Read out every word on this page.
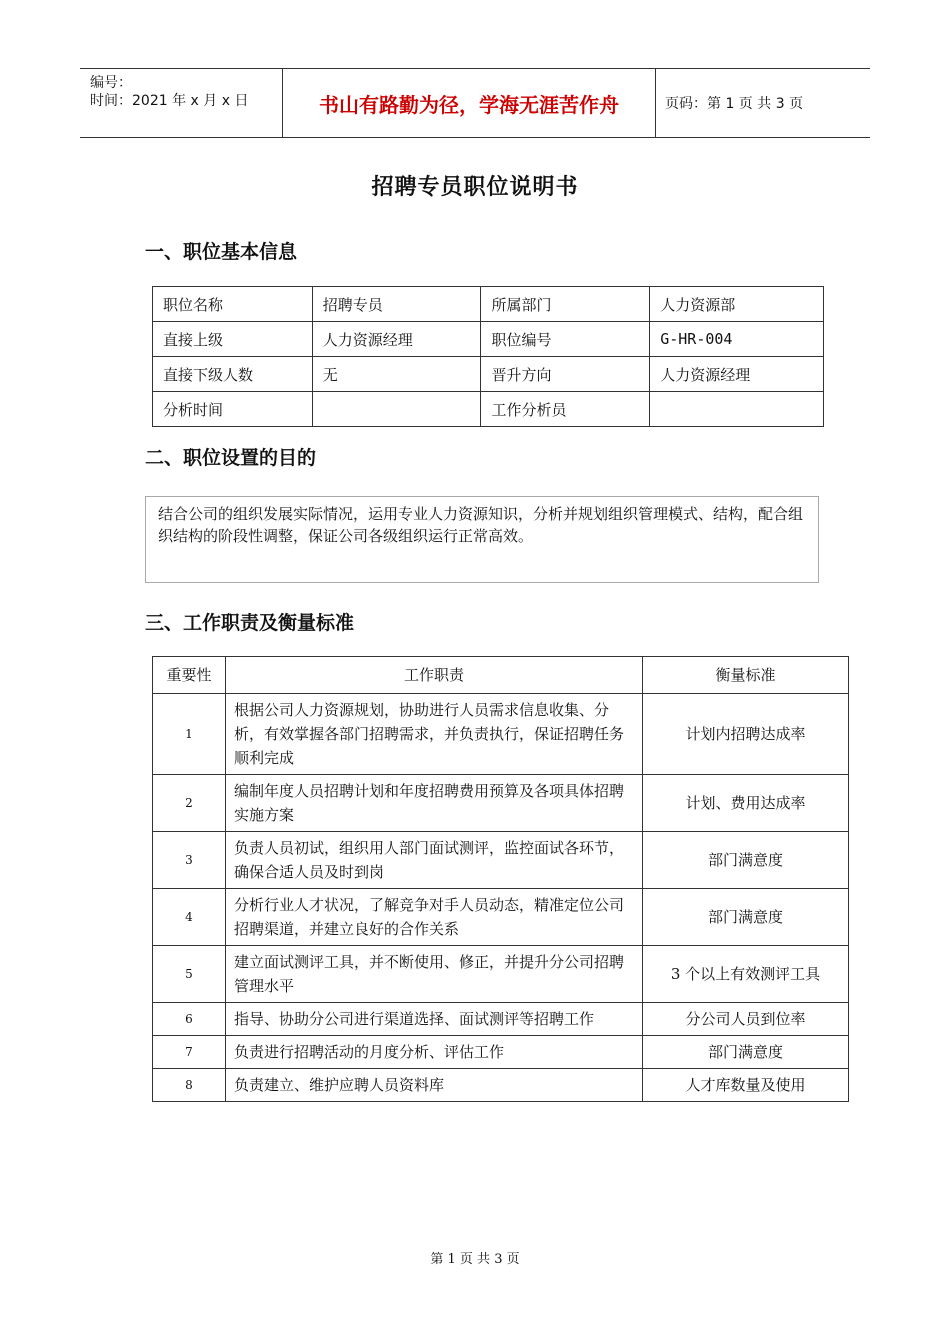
编号：
时间：2021 年 x 月 x 日	书山有路勤为径，学海无涯苦作舟	页码：第 1 页 共 3 页
招聘专员职位说明书
一、职位基本信息
职位名称	招聘专员	所属部门	人力资源部
直接上级	人力资源经理	职位编号	G-HR-004
直接下级人数	无	晋升方向	人力资源经理
分析时间		工作分析员	
二、职位设置的目的
结合公司的组织发展实际情况，运用专业人力资源知识，分析并规划组织管理模式、结构，配合组织结构的阶段性调整，保证公司各级组织运行正常高效。
三、工作职责及衡量标准
重要性	工作职责	衡量标准
1	根据公司人力资源规划，协助进行人员需求信息收集、分析，有效掌握各部门招聘需求，并负责执行，保证招聘任务顺利完成	计划内招聘达成率
2	编制年度人员招聘计划和年度招聘费用预算及各项具体招聘实施方案	计划、费用达成率
3	负责人员初试，组织用人部门面试测评，监控面试各环节，确保合适人员及时到岗	部门满意度
4	分析行业人才状况，了解竞争对手人员动态，精准定位公司招聘渠道，并建立良好的合作关系	部门满意度
5	建立面试测评工具，并不断使用、修正，并提升分公司招聘管理水平	3 个以上有效测评工具
6	指导、协助分公司进行渠道选择、面试测评等招聘工作	分公司人员到位率
7	负责进行招聘活动的月度分析、评估工作	部门满意度
8	负责建立、维护应聘人员资料库	人才库数量及使用
第 1 页 共 3 页
